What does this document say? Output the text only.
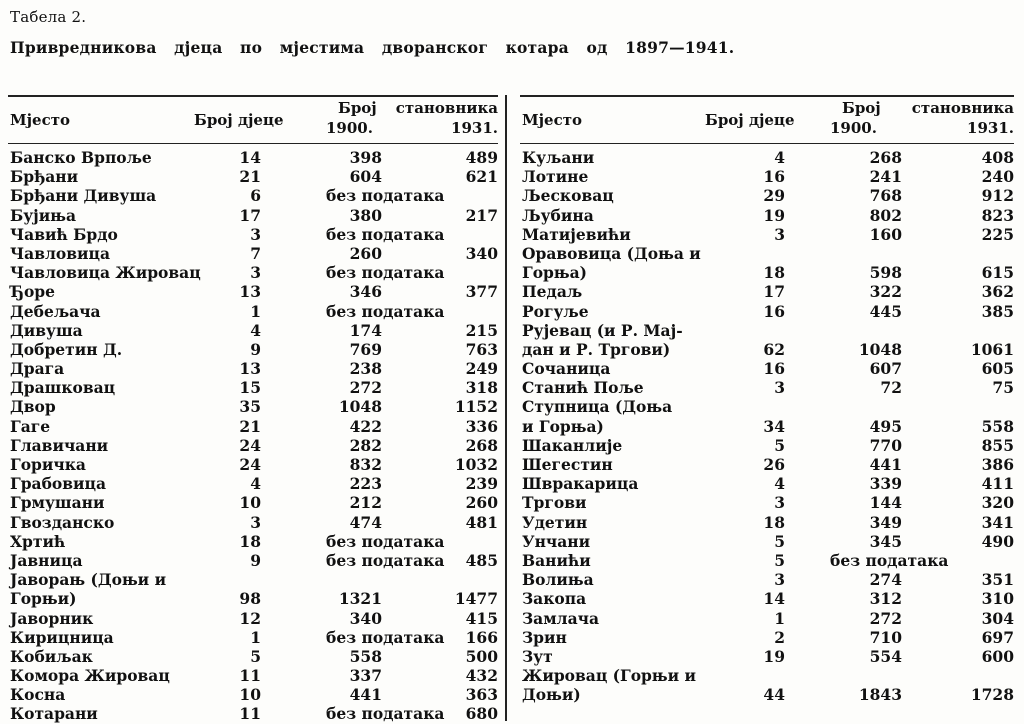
Табела 2.
Привредникова дјеца по мјестима дворанског котара од 1897—1941.
Мјесто	Број дјеце
Број становника
1900.	1931.
Банско Врпоље	14	398	489
Брђани	21	604	621
Брђани Дивуша	6	без података
Бујиња	17	380	217
Чавић Брдо	3	без података
Чавловица	7	260	340
Чавловица Жировац	3	без података
Ђоре	13	346	377
Дебељача	1	без података
Дивуша	4	174	215
Добретин Д.	9	769	763
Драга	13	238	249
Драшковац	15	272	318
Двор	35	1048	1152
Гаге	21	422	336
Главичани	24	282	268
Горичка	24	832	1032
Грабовица	4	223	239
Грмушани	10	212	260
Гвозданско	3	474	481
Хртић	18	без података
Јавница	9	без података	485
Јаворањ (Доњи и
Горњи)	98	1321	1477
Јаворник	12	340	415
Кирицница	1	без података	166
Кобиљак	5	558	500
Комора Жировац	11	337	432
Косна	10	441	363
Котарани	11	без података	680
Мјесто	Број дјеце
Број становника
1900.	1931.
Куљани	4	268	408
Лотине	16	241	240
Љесковац	29	768	912
Љубина	19	802	823
Матијевићи	3	160	225
Оравовица (Доња и
Горња)	18	598	615
Педаљ	17	322	362
Рогуље	16	445	385
Рујевац (и Р. Мај-
дан и Р. Тргови)	62	1048	1061
Сочаница	16	607	605
Станић Поље	3	72	75
Ступница (Доња
и Горња)	34	495	558
Шаканлије	5	770	855
Шегестин	26	441	386
Швракарица	4	339	411
Тргови	3	144	320
Удетин	18	349	341
Унчани	5	345	490
Ванићи	5	без података
Волиња	3	274	351
Закопа	14	312	310
Замлача	1	272	304
Зрин	2	710	697
Зут	19	554	600
Жировац (Горњи и
Доњи)	44	1843	1728
